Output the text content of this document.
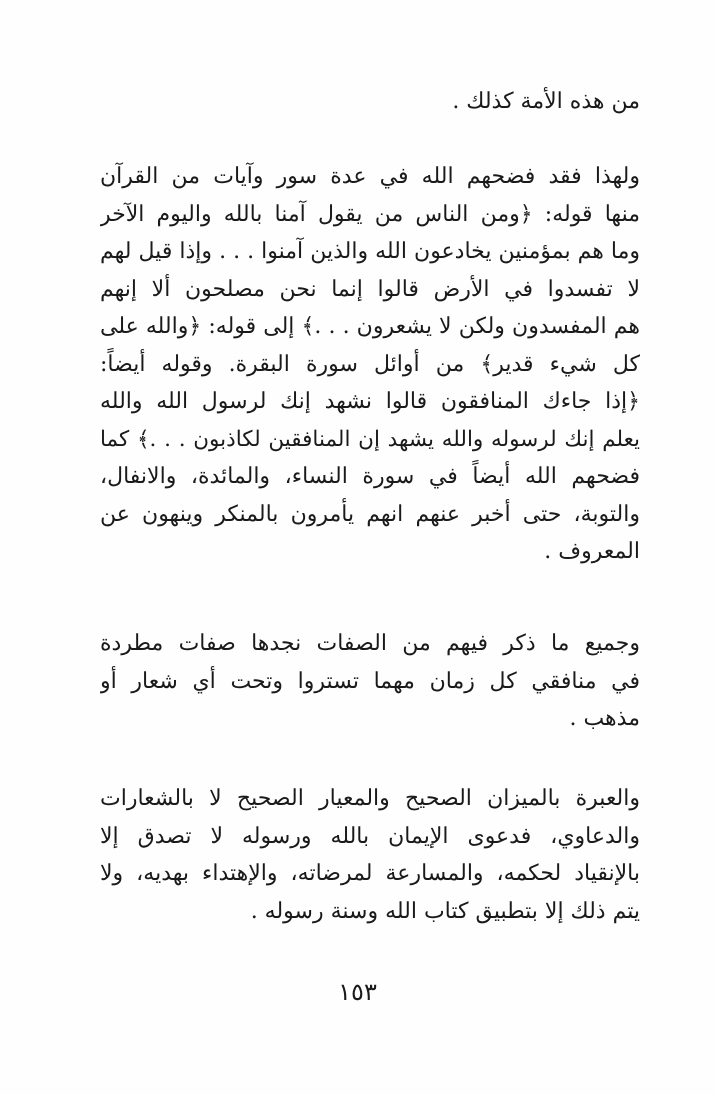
من هذه الأمة كذلك .
ولهذا فقد فضحهم الله في عدة سور وآيات من القرآن
منها قوله: ﴿ومن الناس من يقول آمنا بالله واليوم الآخر
وما هم بمؤمنين يخادعون الله والذين آمنوا . . . وإذا قيل لهم
لا تفسدوا في الأرض قالوا إنما نحن مصلحون ألا إنهم
هم المفسدون ولكن لا يشعرون . . .﴾ إلى قوله: ﴿والله على
كل شيء قدير﴾ من أوائل سورة البقرة. وقوله أيضاً:
﴿إذا جاءك المنافقون قالوا نشهد إنك لرسول الله والله
يعلم إنك لرسوله والله يشهد إن المنافقين لكاذبون . . .﴾ كما
فضحهم الله أيضاً في سورة النساء، والمائدة، والانفال،
والتوبة، حتى أخبر عنهم انهم يأمرون بالمنكر وينهون عن
المعروف .
وجميع ما ذكر فيهم من الصفات نجدها صفات مطردة
في منافقي كل زمان مهما تستروا وتحت أي شعار أو
مذهب .
والعبرة بالميزان الصحيح والمعيار الصحيح لا بالشعارات
والدعاوي، فدعوى الإيمان بالله ورسوله لا تصدق إلا
بالإنقياد لحكمه، والمسارعة لمرضاته، والإهتداء بهديه، ولا
يتم ذلك إلا بتطبيق كتاب الله وسنة رسوله .
١٥٣
